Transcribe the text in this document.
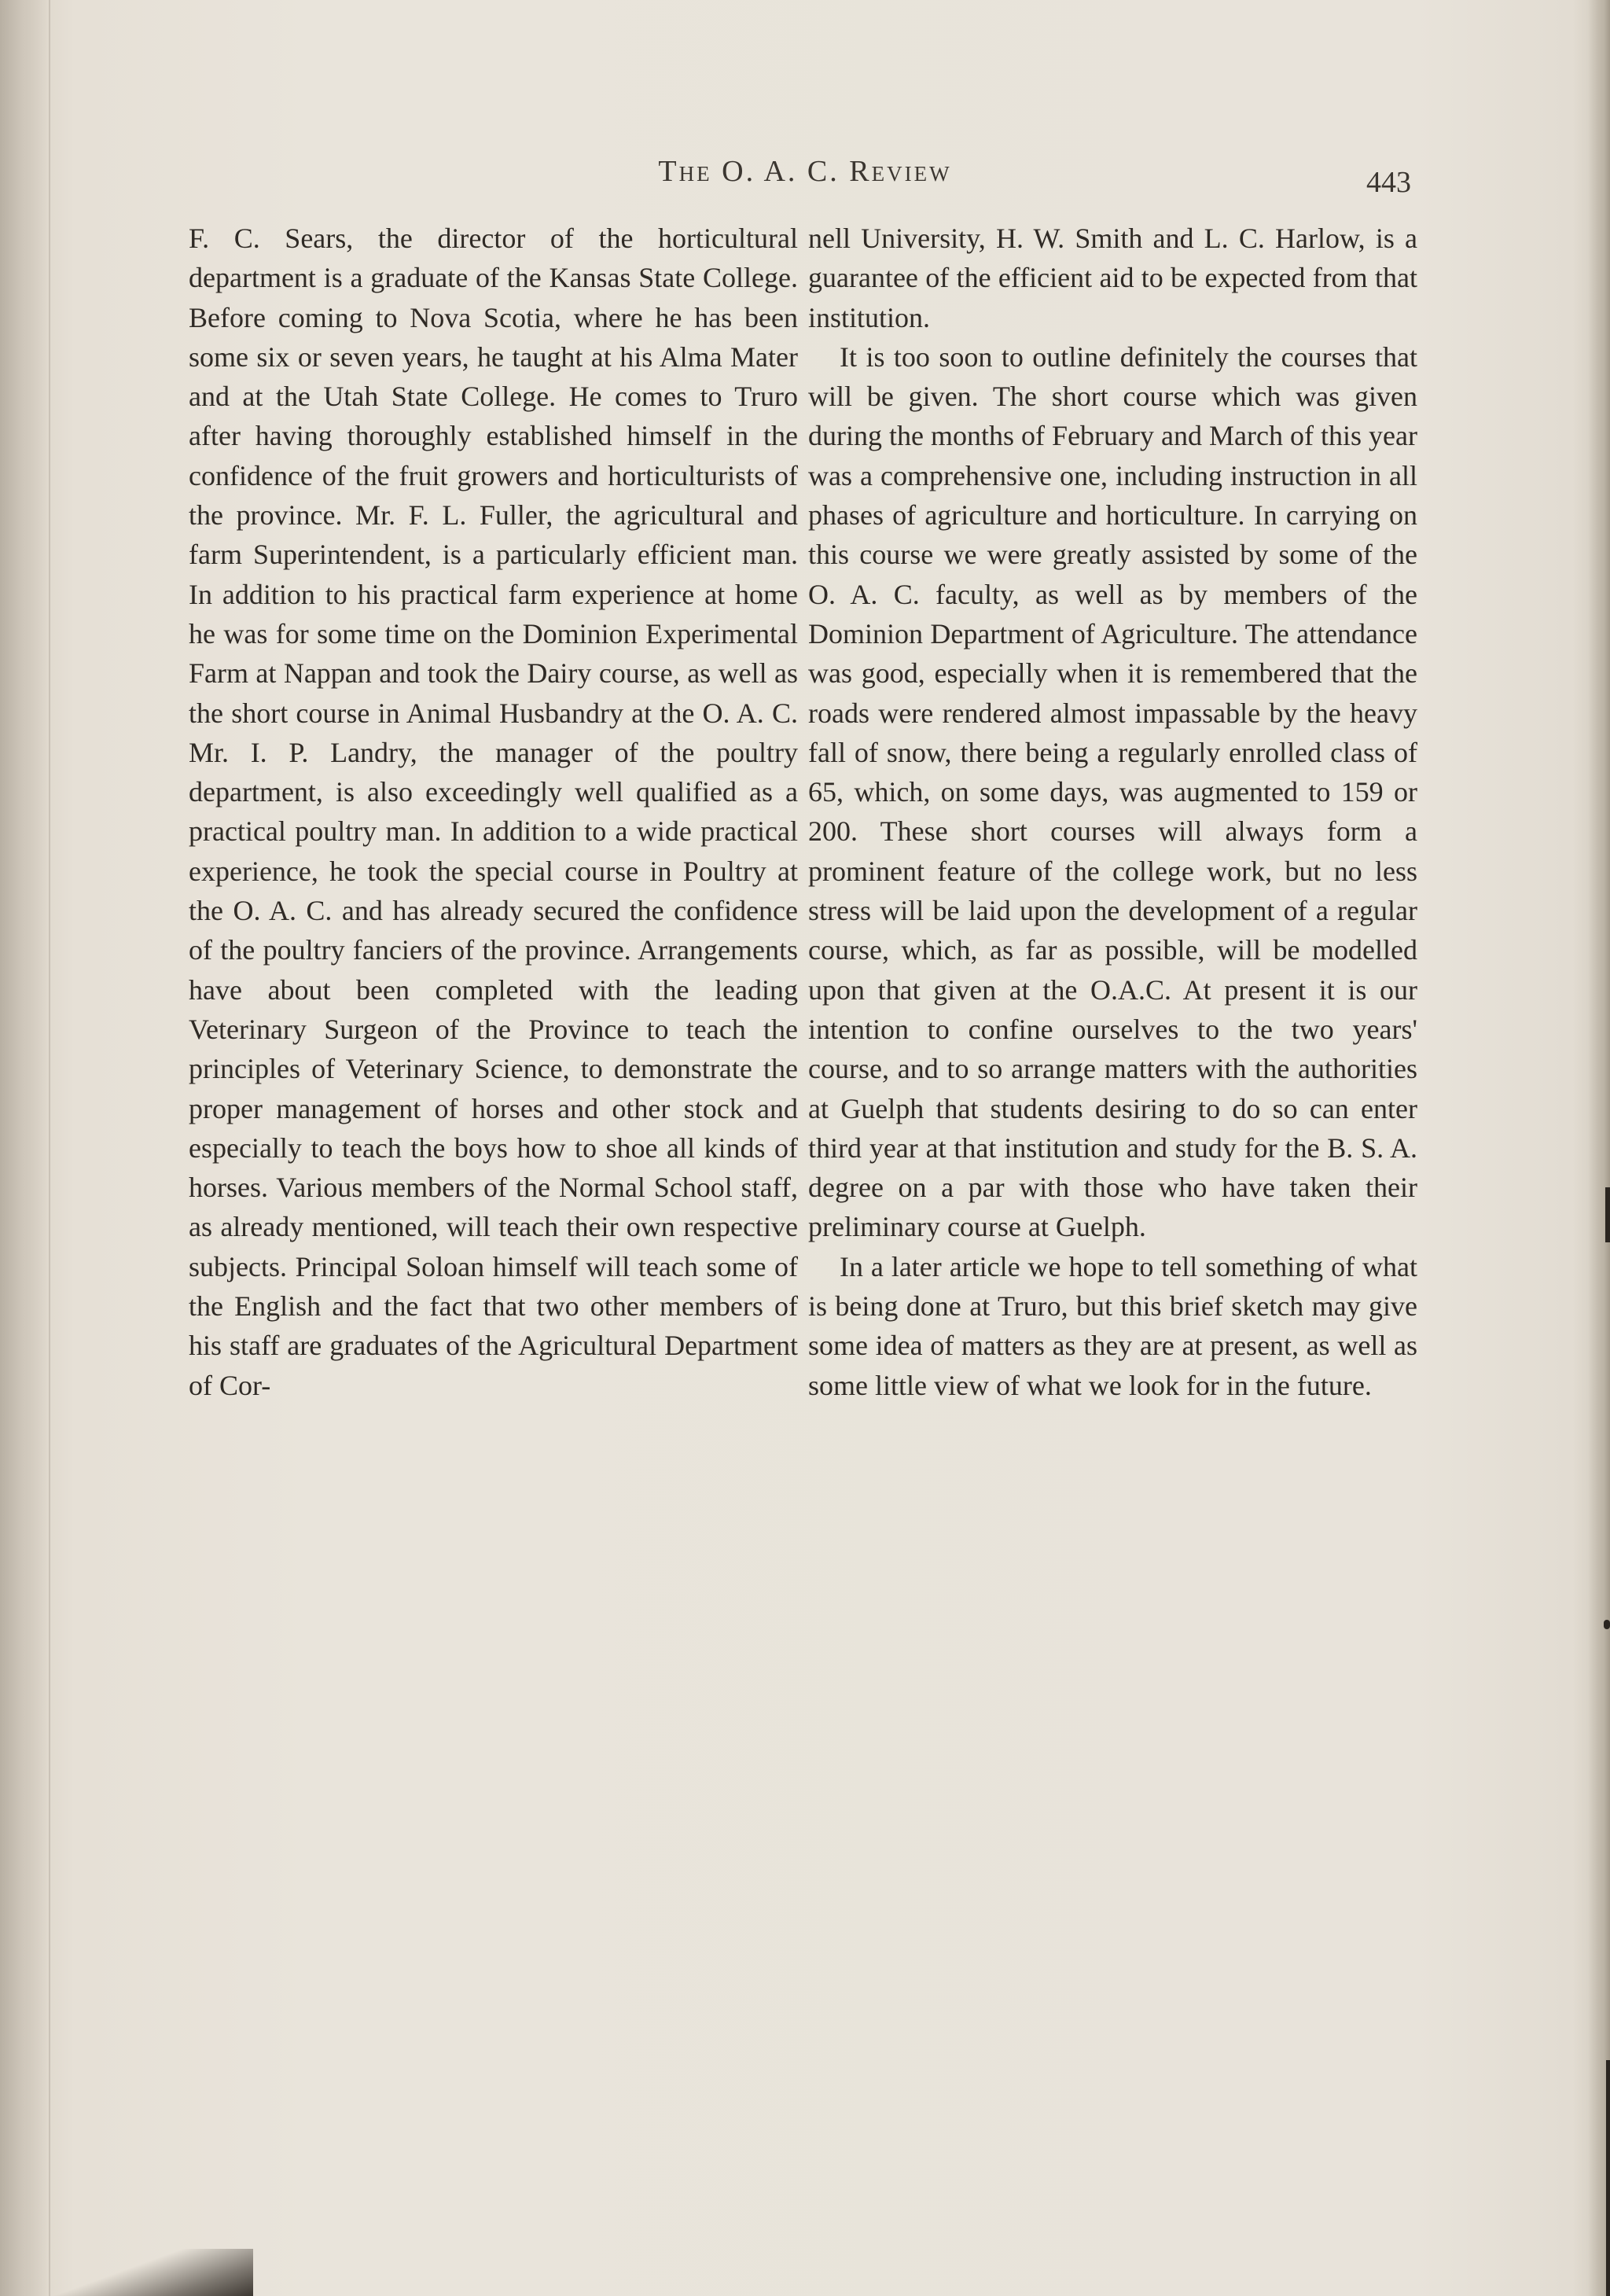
The O. A. C. Review	443

F. C. Sears, the director of the horticultural department is a graduate of the Kansas State College. Before coming to Nova Scotia, where he has been some six or seven years, he taught at his Alma Mater and at the Utah State College. He comes to Truro after having thoroughly established himself in the confidence of the fruit growers and horticulturists of the province. Mr. F. L. Fuller, the agricultural and farm Superintendent, is a particularly efficient man. In addition to his practical farm experience at home he was for some time on the Dominion Experimental Farm at Nappan and took the Dairy course, as well as the short course in Animal Husbandry at the O. A. C. Mr. I. P. Landry, the manager of the poultry department, is also exceedingly well qualified as a practical poultry man. In addition to a wide practical experience, he took the special course in Poultry at the O. A. C. and has already secured the confidence of the poultry fanciers of the province. Arrangements have about been completed with the leading Veterinary Surgeon of the Province to teach the principles of Veterinary Science, to demonstrate the proper management of horses and other stock and especially to teach the boys how to shoe all kinds of horses. Various members of the Normal School staff, as already mentioned, will teach their own respective subjects. Principal Soloan himself will teach some of the English and the fact that two other members of his staff are graduates of the Agricultural Department of Cor-

nell University, H. W. Smith and L. C. Harlow, is a guarantee of the efficient aid to be expected from that institution.

It is too soon to outline definitely the courses that will be given. The short course which was given during the months of February and March of this year was a comprehensive one, including instruction in all phases of agriculture and horticulture. In carrying on this course we were greatly assisted by some of the O. A. C. faculty, as well as by members of the Dominion Department of Agriculture. The attendance was good, especially when it is remembered that the roads were rendered almost impassable by the heavy fall of snow, there being a regularly enrolled class of 65, which, on some days, was augmented to 159 or 200. These short courses will always form a prominent feature of the college work, but no less stress will be laid upon the development of a regular course, which, as far as possible, will be modelled upon that given at the O.A.C. At present it is our intention to confine ourselves to the two years' course, and to so arrange matters with the authorities at Guelph that students desiring to do so can enter third year at that institution and study for the B. S. A. degree on a par with those who have taken their preliminary course at Guelph.

In a later article we hope to tell something of what is being done at Truro, but this brief sketch may give some idea of matters as they are at present, as well as some little view of what we look for in the future.
